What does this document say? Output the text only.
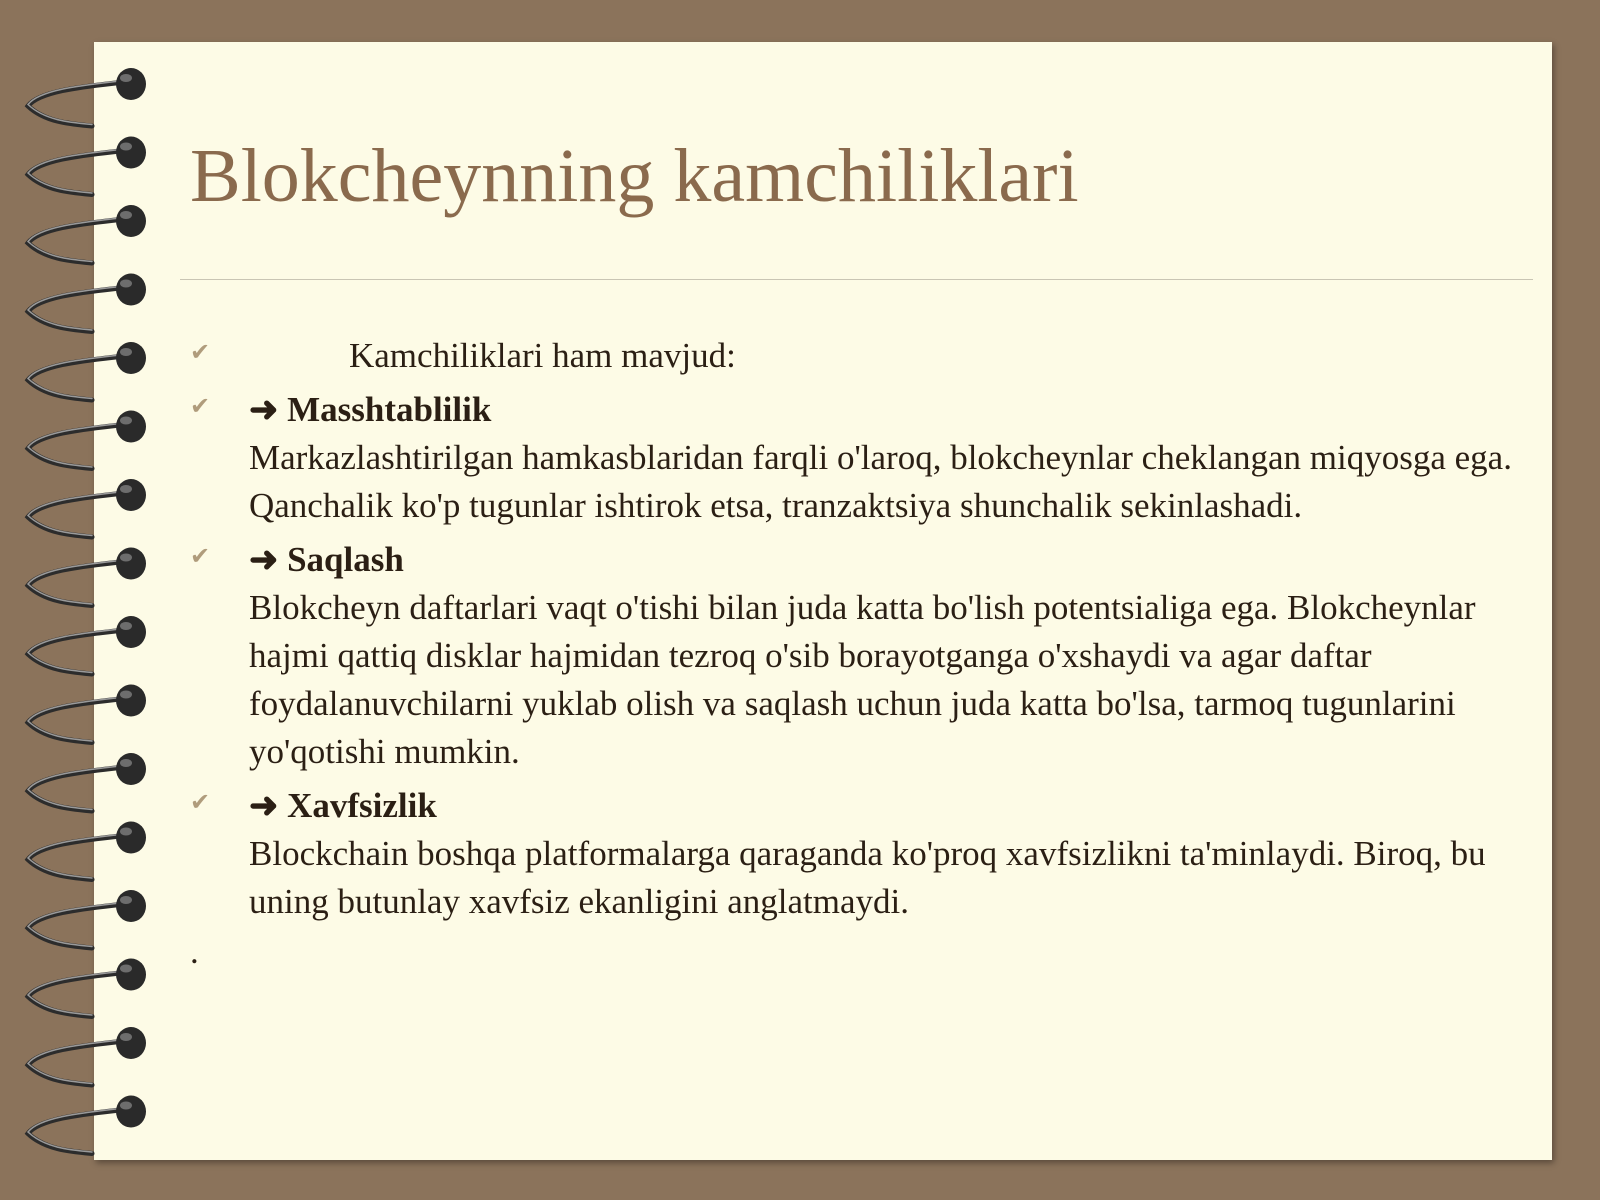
Blokcheynning kamchiliklari
✔	Kamchiliklari ham mavjud:
✔ ➜ Masshtablilik
Markazlashtirilgan hamkasblaridan farqli o'laroq, blokcheynlar cheklangan miqyosga ega. Qanchalik ko'p tugunlar ishtirok etsa, tranzaktsiya shunchalik sekinlashadi.
✔ ➜ Saqlash
Blokcheyn daftarlari vaqt o'tishi bilan juda katta bo'lish potentsialiga ega. Blokcheynlar hajmi qattiq disklar hajmidan tezroq o'sib borayotganga o'xshaydi va agar daftar foydalanuvchilarni yuklab olish va saqlash uchun juda katta bo'lsa, tarmoq tugunlarini yo'qotishi mumkin.
✔ ➜ Xavfsizlik
Blockchain boshqa platformalarga qaraganda ko'proq xavfsizlikni ta'minlaydi. Biroq, bu uning butunlay xavfsiz ekanligini anglatmaydi.
.
